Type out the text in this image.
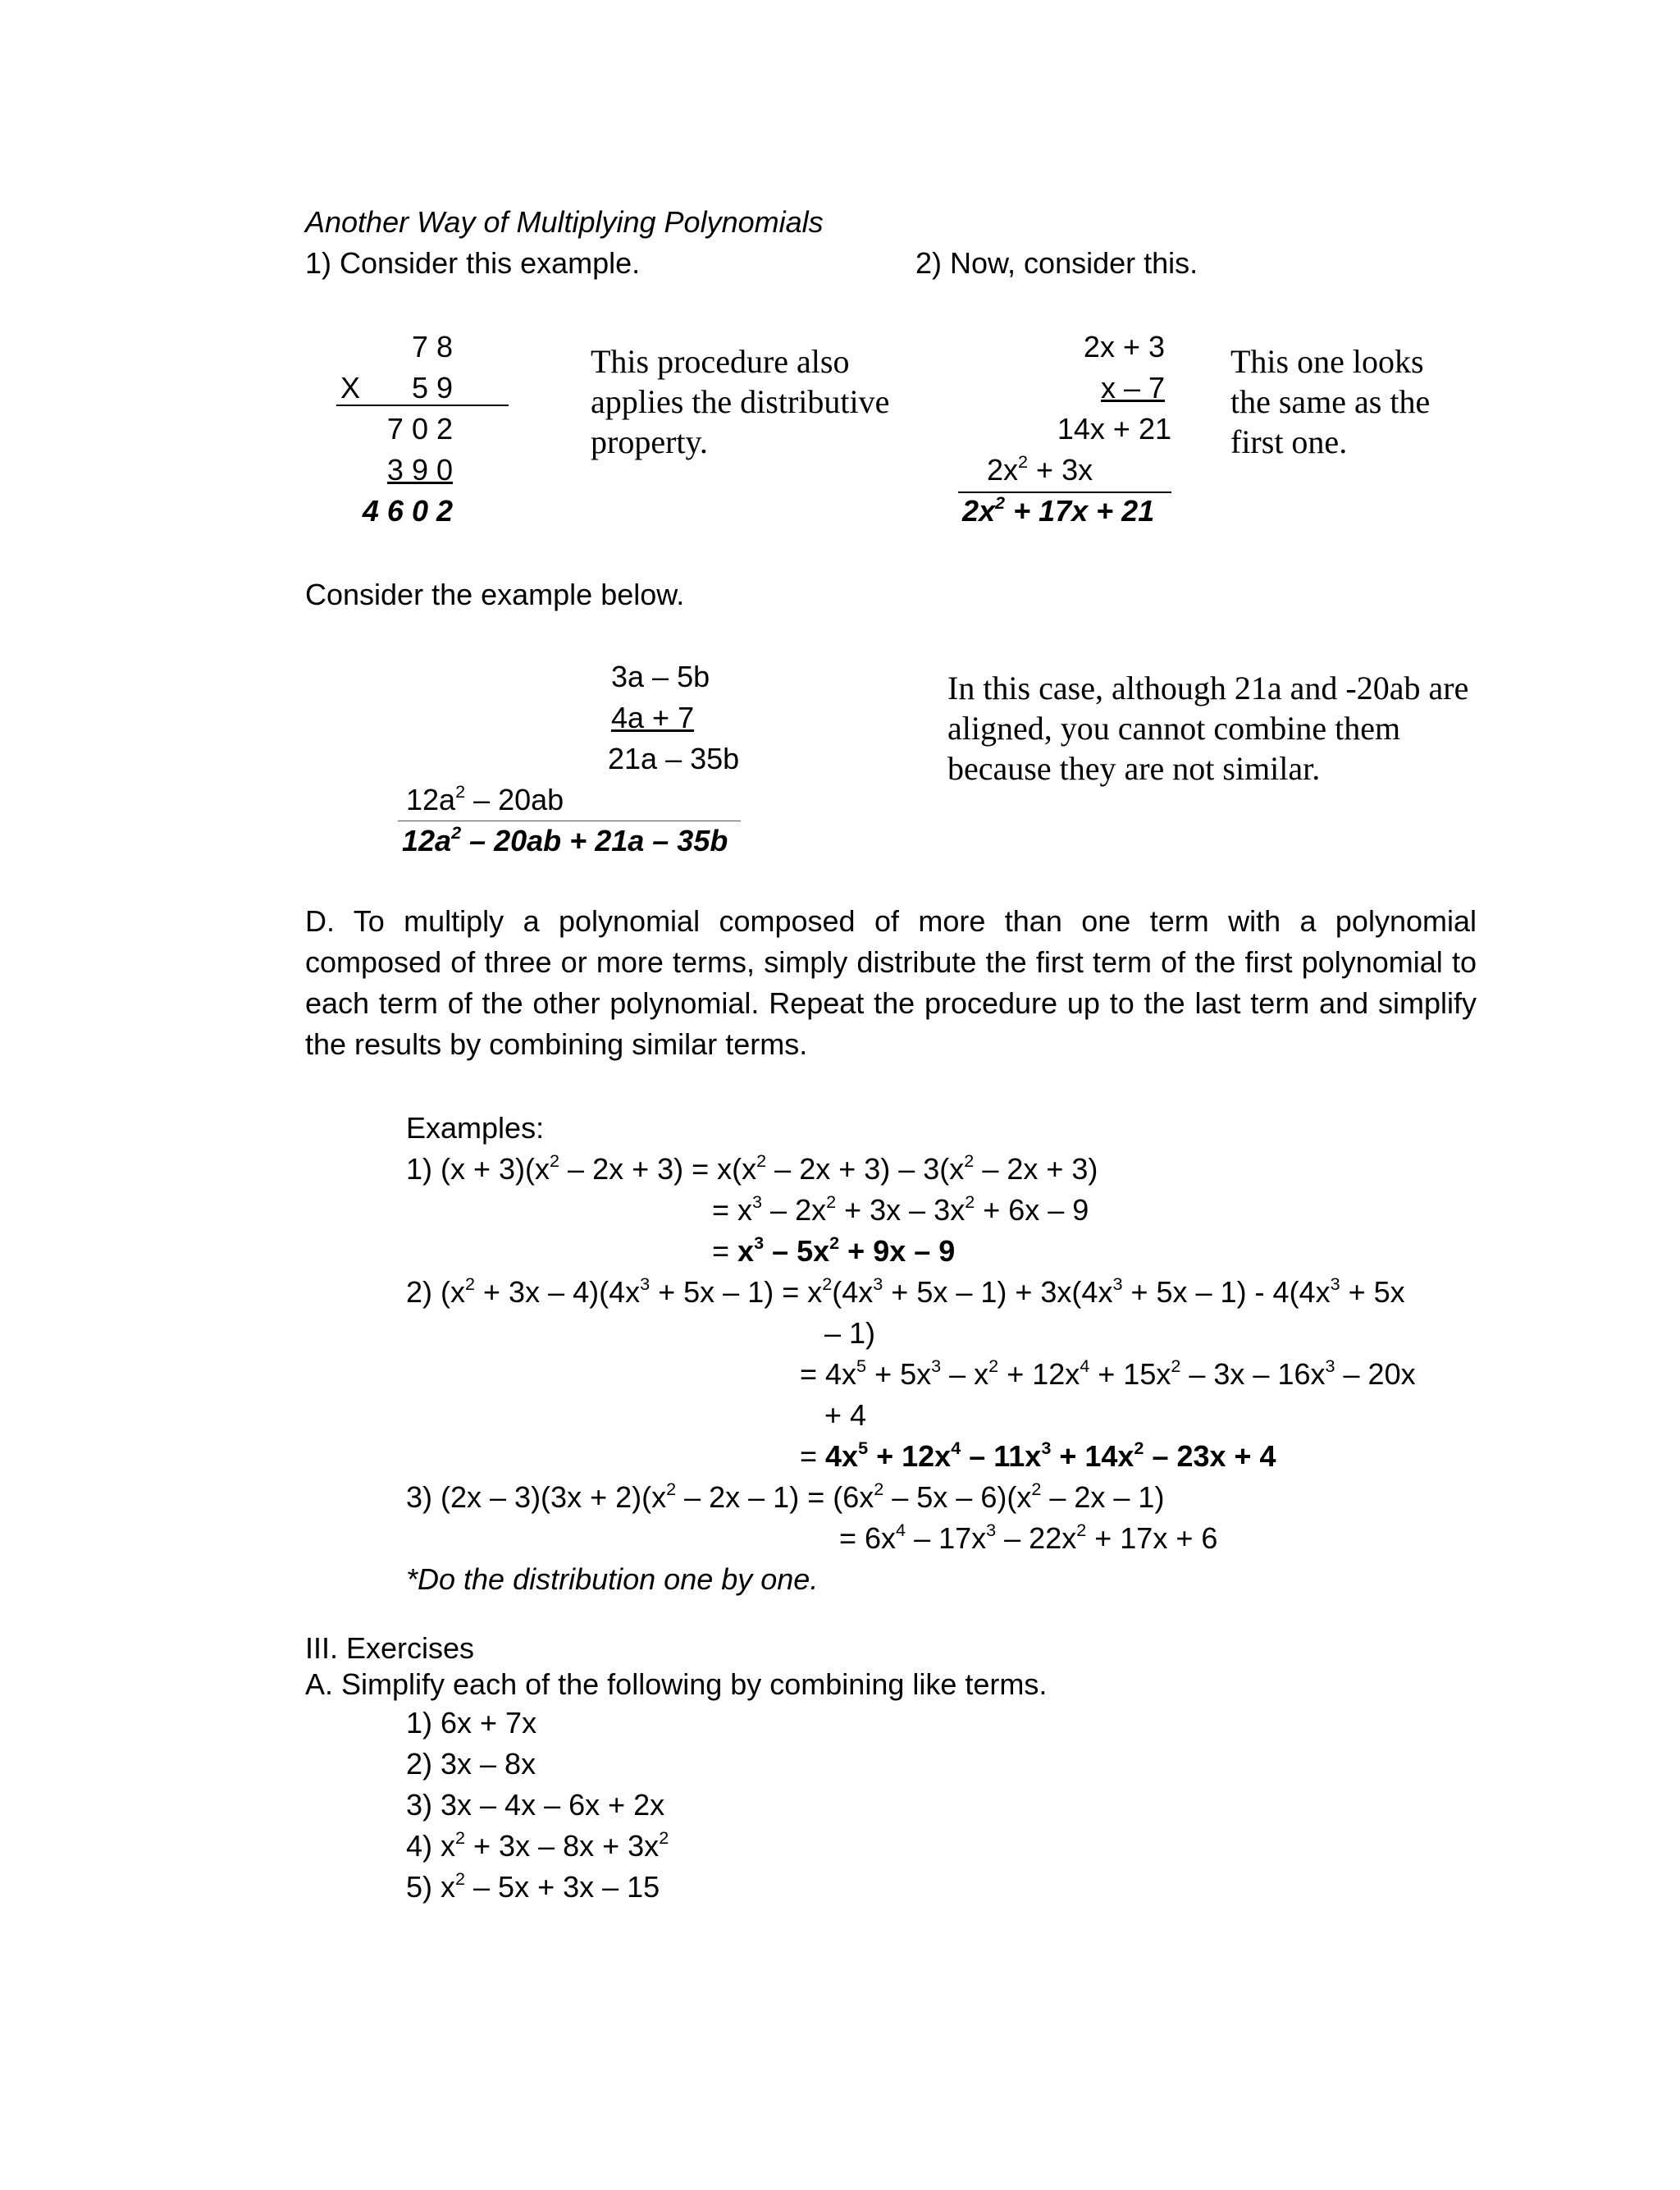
Another Way of Multiplying Polynomials
1) Consider this example.
7 8
X	5 9
7 0 2
3 9 0
4 6 0 2
This procedure also applies the distributive property.
2) Now, consider this.
2x + 3
x – 7
14x + 21
$2x^2 + 3x$
$2x^2 + 17x + 21$
This one looks the same as the first one.
Consider the example below.
3a – 5b
4a + 7
21a – 35b
$12a^2 - 20ab$
$12a^2 - 20ab + 21a - 35b$
In this case, although 21a and -20ab are aligned, you cannot combine them because they are not similar.
D. To multiply a polynomial composed of more than one term with a polynomial composed of three or more terms, simply distribute the first term of the first polynomial to each term of the other polynomial. Repeat the procedure up to the last term and simplify the results by combining similar terms.
Examples:
1) $(x + 3)(x^2 - 2x + 3) = x(x^2 - 2x + 3) - 3(x^2 - 2x + 3)$
= $x^3 - 2x^2 + 3x - 3x^2 + 6x - 9$
= $x^3 - 5x^2 + 9x - 9$
2) $(x^2 + 3x - 4)(4x^3 + 5x - 1) = x^2(4x^3 + 5x - 1) + 3x(4x^3 + 5x - 1) - 4(4x^3 + 5x$
– 1)
= $4x^5 + 5x^3 - x^2 + 12x^4 + 15x^2 - 3x - 16x^3 - 20x$
+ 4
= $4x^5 + 12x^4 - 11x^3 + 14x^2 - 23x + 4$
3) $(2x - 3)(3x + 2)(x^2 - 2x - 1) = (6x^2 - 5x - 6)(x^2 - 2x - 1)$
= $6x^4 - 17x^3 - 22x^2 + 17x + 6$
*Do the distribution one by one.
III. Exercises
A. Simplify each of the following by combining like terms.
1) 6x + 7x
2) 3x – 8x
3) 3x – 4x – 6x + 2x
4) $x^2 + 3x - 8x + 3x^2$
5) $x^2 - 5x + 3x - 15$
